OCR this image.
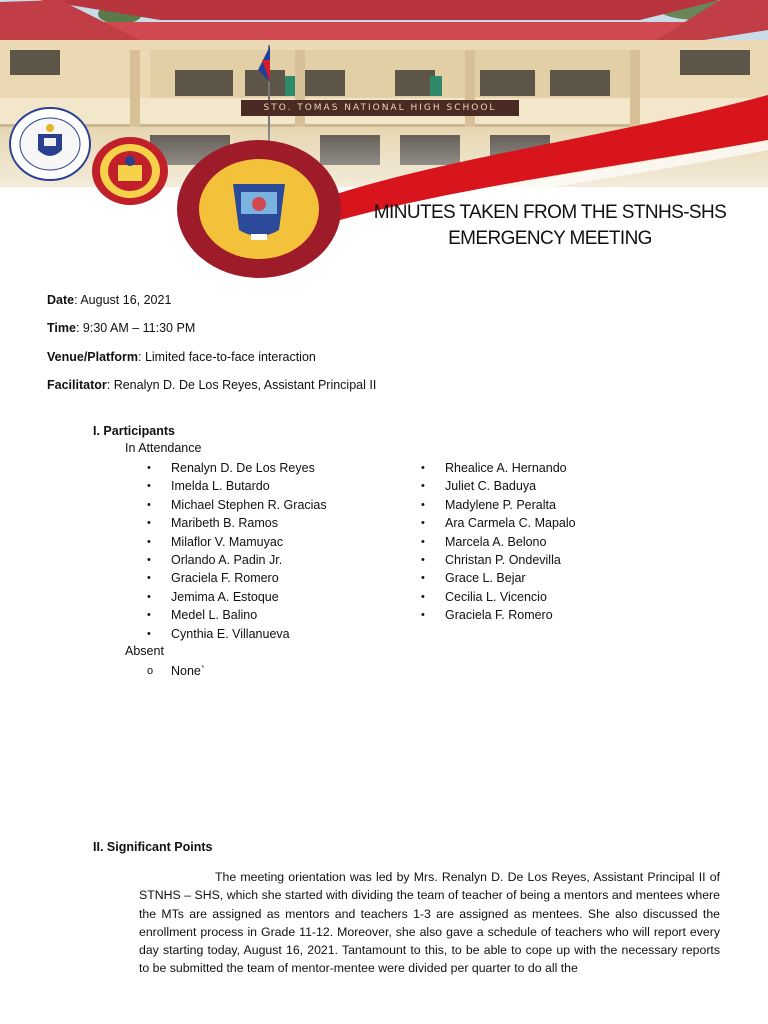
STO. TOMAS NATIONAL HIGH SCHOOL
MINUTES TAKEN FROM THE STNHS-SHS
EMERGENCY MEETING
Date: August 16, 2021
Time: 9:30 AM – 11:30 PM
Venue/Platform: Limited face-to-face interaction
Facilitator: Renalyn D. De Los Reyes, Assistant Principal II
I. Participants
In Attendance
• Renalyn D. De Los Reyes
• Imelda L. Butardo
• Michael Stephen R. Gracias
• Maribeth B. Ramos
• Milaflor V. Mamuyac
• Orlando A. Padin Jr.
• Graciela F. Romero
• Jemima A. Estoque
• Medel L. Balino
• Cynthia E. Villanueva
• Rhealice A. Hernando
• Juliet C. Baduya
• Madylene P. Peralta
• Ara Carmela C. Mapalo
• Marcela A. Belono
• Christan P. Ondevilla
• Grace L. Bejar
• Cecilia L. Vicencio
• Graciela F. Romero
Absent
o None`
II. Significant Points

The meeting orientation was led by Mrs. Renalyn D. De Los Reyes, Assistant Principal II of STNHS – SHS, which she started with dividing the team of teacher of being a mentors and mentees where the MTs are assigned as mentors and teachers 1-3 are assigned as mentees. She also discussed the enrollment process in Grade 11-12. Moreover, she also gave a schedule of teachers who will report every day starting today, August 16, 2021. Tantamount to this, to be able to cope up with the necessary reports to be submitted the team of mentor-mentee were divided per quarter to do all the
